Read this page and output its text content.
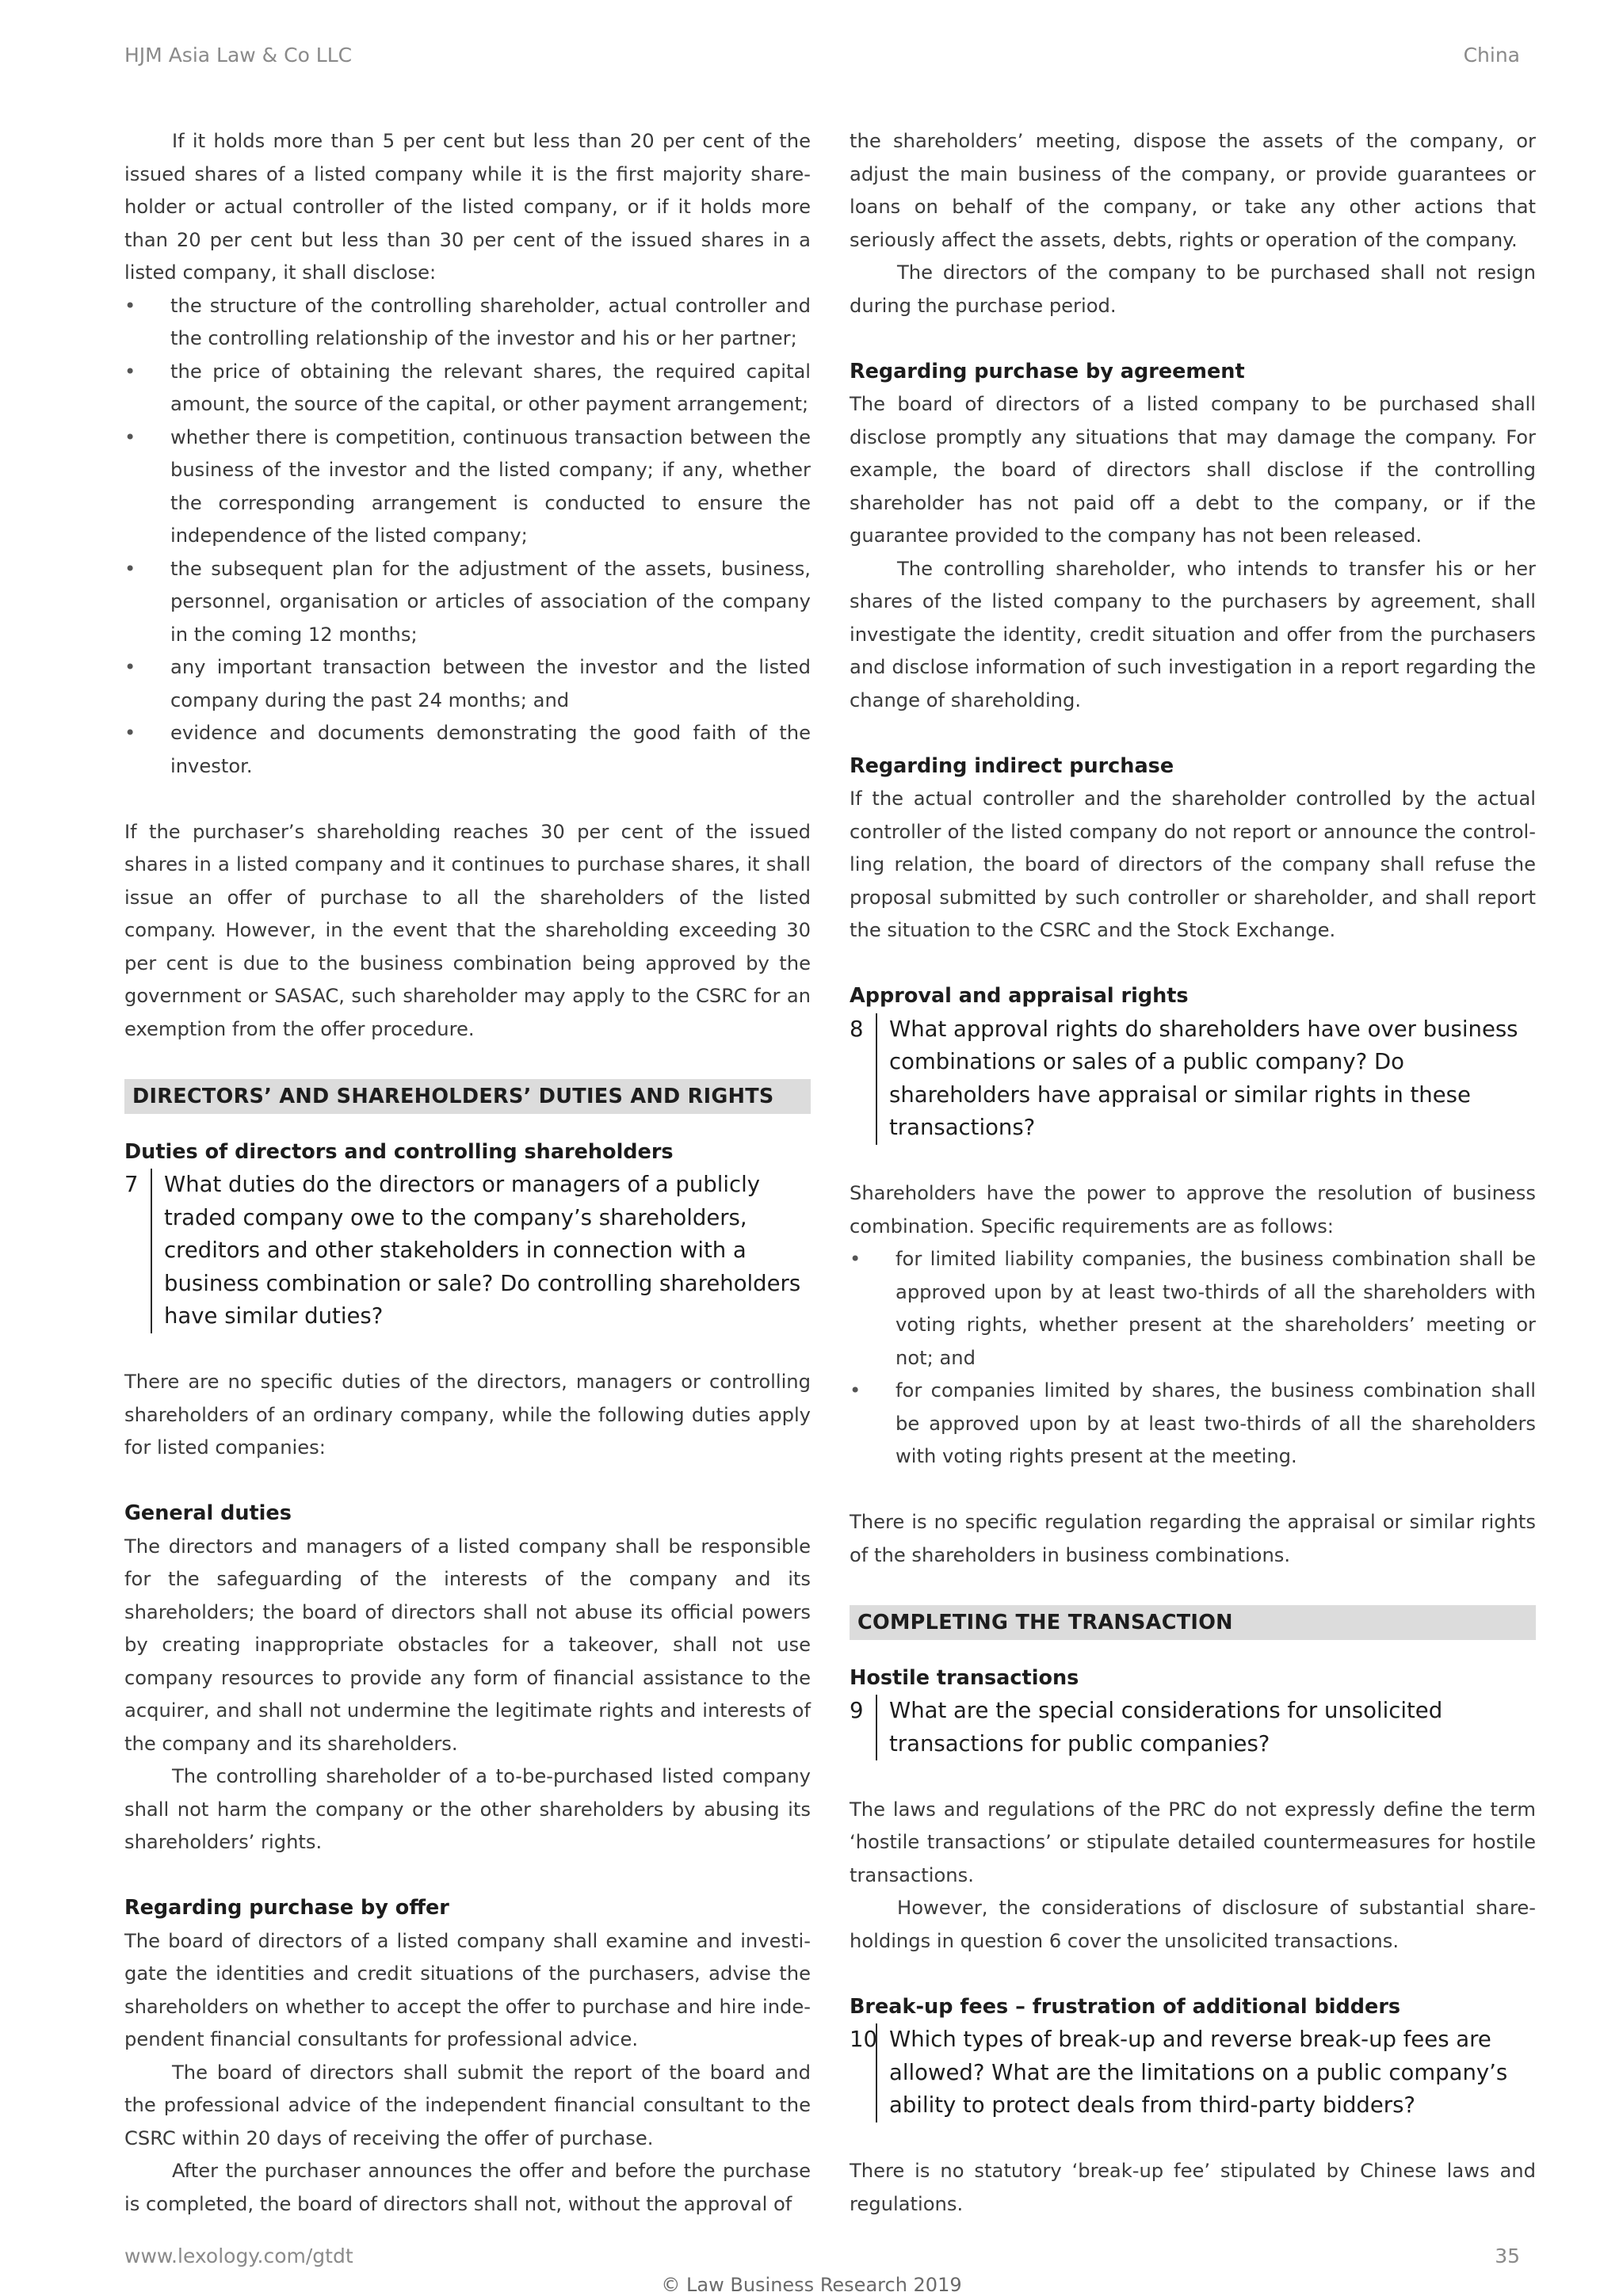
HJM Asia Law & Co LLC	China

If it holds more than 5 per cent but less than 20 per cent of the issued shares of a listed company while it is the first majority shareholder or actual controller of the listed company, or if it holds more than 20 per cent but less than 30 per cent of the issued shares in a listed company, it shall disclose:

• the structure of the controlling shareholder, actual controller and the controlling relationship of the investor and his or her partner;
• the price of obtaining the relevant shares, the required capital amount, the source of the capital, or other payment arrangement;
• whether there is competition, continuous transaction between the business of the investor and the listed company; if any, whether the corresponding arrangement is conducted to ensure the independence of the listed company;
• the subsequent plan for the adjustment of the assets, business, personnel, organisation or articles of association of the company in the coming 12 months;
• any important transaction between the investor and the listed company during the past 24 months; and
• evidence and documents demonstrating the good faith of the investor.

If the purchaser’s shareholding reaches 30 per cent of the issued shares in a listed company and it continues to purchase shares, it shall issue an offer of purchase to all the shareholders of the listed company. However, in the event that the shareholding exceeding 30 per cent is due to the business combination being approved by the government or SASAC, such shareholder may apply to the CSRC for an exemption from the offer procedure.

DIRECTORS’ AND SHAREHOLDERS’ DUTIES AND RIGHTS
Duties of directors and controlling shareholders
7	What duties do the directors or managers of a publicly traded company owe to the company’s shareholders, creditors and other stakeholders in connection with a business combination or sale? Do controlling shareholders have similar duties?

There are no specific duties of the directors, managers or controlling shareholders of an ordinary company, while the following duties apply for listed companies:

General duties

The directors and managers of a listed company shall be responsible for the safeguarding of the interests of the company and its shareholders; the board of directors shall not abuse its official powers by creating inappropriate obstacles for a takeover, shall not use company resources to provide any form of financial assistance to the acquirer, and shall not undermine the legitimate rights and interests of the company and its shareholders.

The controlling shareholder of a to-be-purchased listed company shall not harm the company or the other shareholders by abusing its shareholders’ rights.

Regarding purchase by offer

The board of directors of a listed company shall examine and investigate the identities and credit situations of the purchasers, advise the shareholders on whether to accept the offer to purchase and hire independent financial consultants for professional advice.

The board of directors shall submit the report of the board and the professional advice of the independent financial consultant to the CSRC within 20 days of receiving the offer of purchase.

After the purchaser announces the offer and before the purchase is completed, the board of directors shall not, without the approval of

the shareholders’ meeting, dispose the assets of the company, or adjust the main business of the company, or provide guarantees or loans on behalf of the company, or take any other actions that seriously affect the assets, debts, rights or operation of the company.

The directors of the company to be purchased shall not resign during the purchase period.

Regarding purchase by agreement

The board of directors of a listed company to be purchased shall disclose promptly any situations that may damage the company. For example, the board of directors shall disclose if the controlling shareholder has not paid off a debt to the company, or if the guarantee provided to the company has not been released.

The controlling shareholder, who intends to transfer his or her shares of the listed company to the purchasers by agreement, shall investigate the identity, credit situation and offer from the purchasers and disclose information of such investigation in a report regarding the change of shareholding.

Regarding indirect purchase

If the actual controller and the shareholder controlled by the actual controller of the listed company do not report or announce the controlling relation, the board of directors of the company shall refuse the proposal submitted by such controller or shareholder, and shall report the situation to the CSRC and the Stock Exchange.

Approval and appraisal rights
8	What approval rights do shareholders have over business combinations or sales of a public company? Do shareholders have appraisal or similar rights in these transactions?

Shareholders have the power to approve the resolution of business combination. Specific requirements are as follows:

• for limited liability companies, the business combination shall be approved upon by at least two-thirds of all the shareholders with voting rights, whether present at the shareholders’ meeting or not; and
• for companies limited by shares, the business combination shall be approved upon by at least two-thirds of all the shareholders with voting rights present at the meeting.

There is no specific regulation regarding the appraisal or similar rights of the shareholders in business combinations.

COMPLETING THE TRANSACTION
Hostile transactions
9	What are the special considerations for unsolicited transactions for public companies?

The laws and regulations of the PRC do not expressly define the term ‘hostile transactions’ or stipulate detailed countermeasures for hostile transactions.

However, the considerations of disclosure of substantial shareholdings in question 6 cover the unsolicited transactions.

Break-up fees – frustration of additional bidders
10 Which types of break-up and reverse break-up fees are allowed? What are the limitations on a public company’s ability to protect deals from third-party bidders?

There is no statutory ‘break-up fee’ stipulated by Chinese laws and regulations.

www.lexology.com/gtdt	35
© Law Business Research 2019
